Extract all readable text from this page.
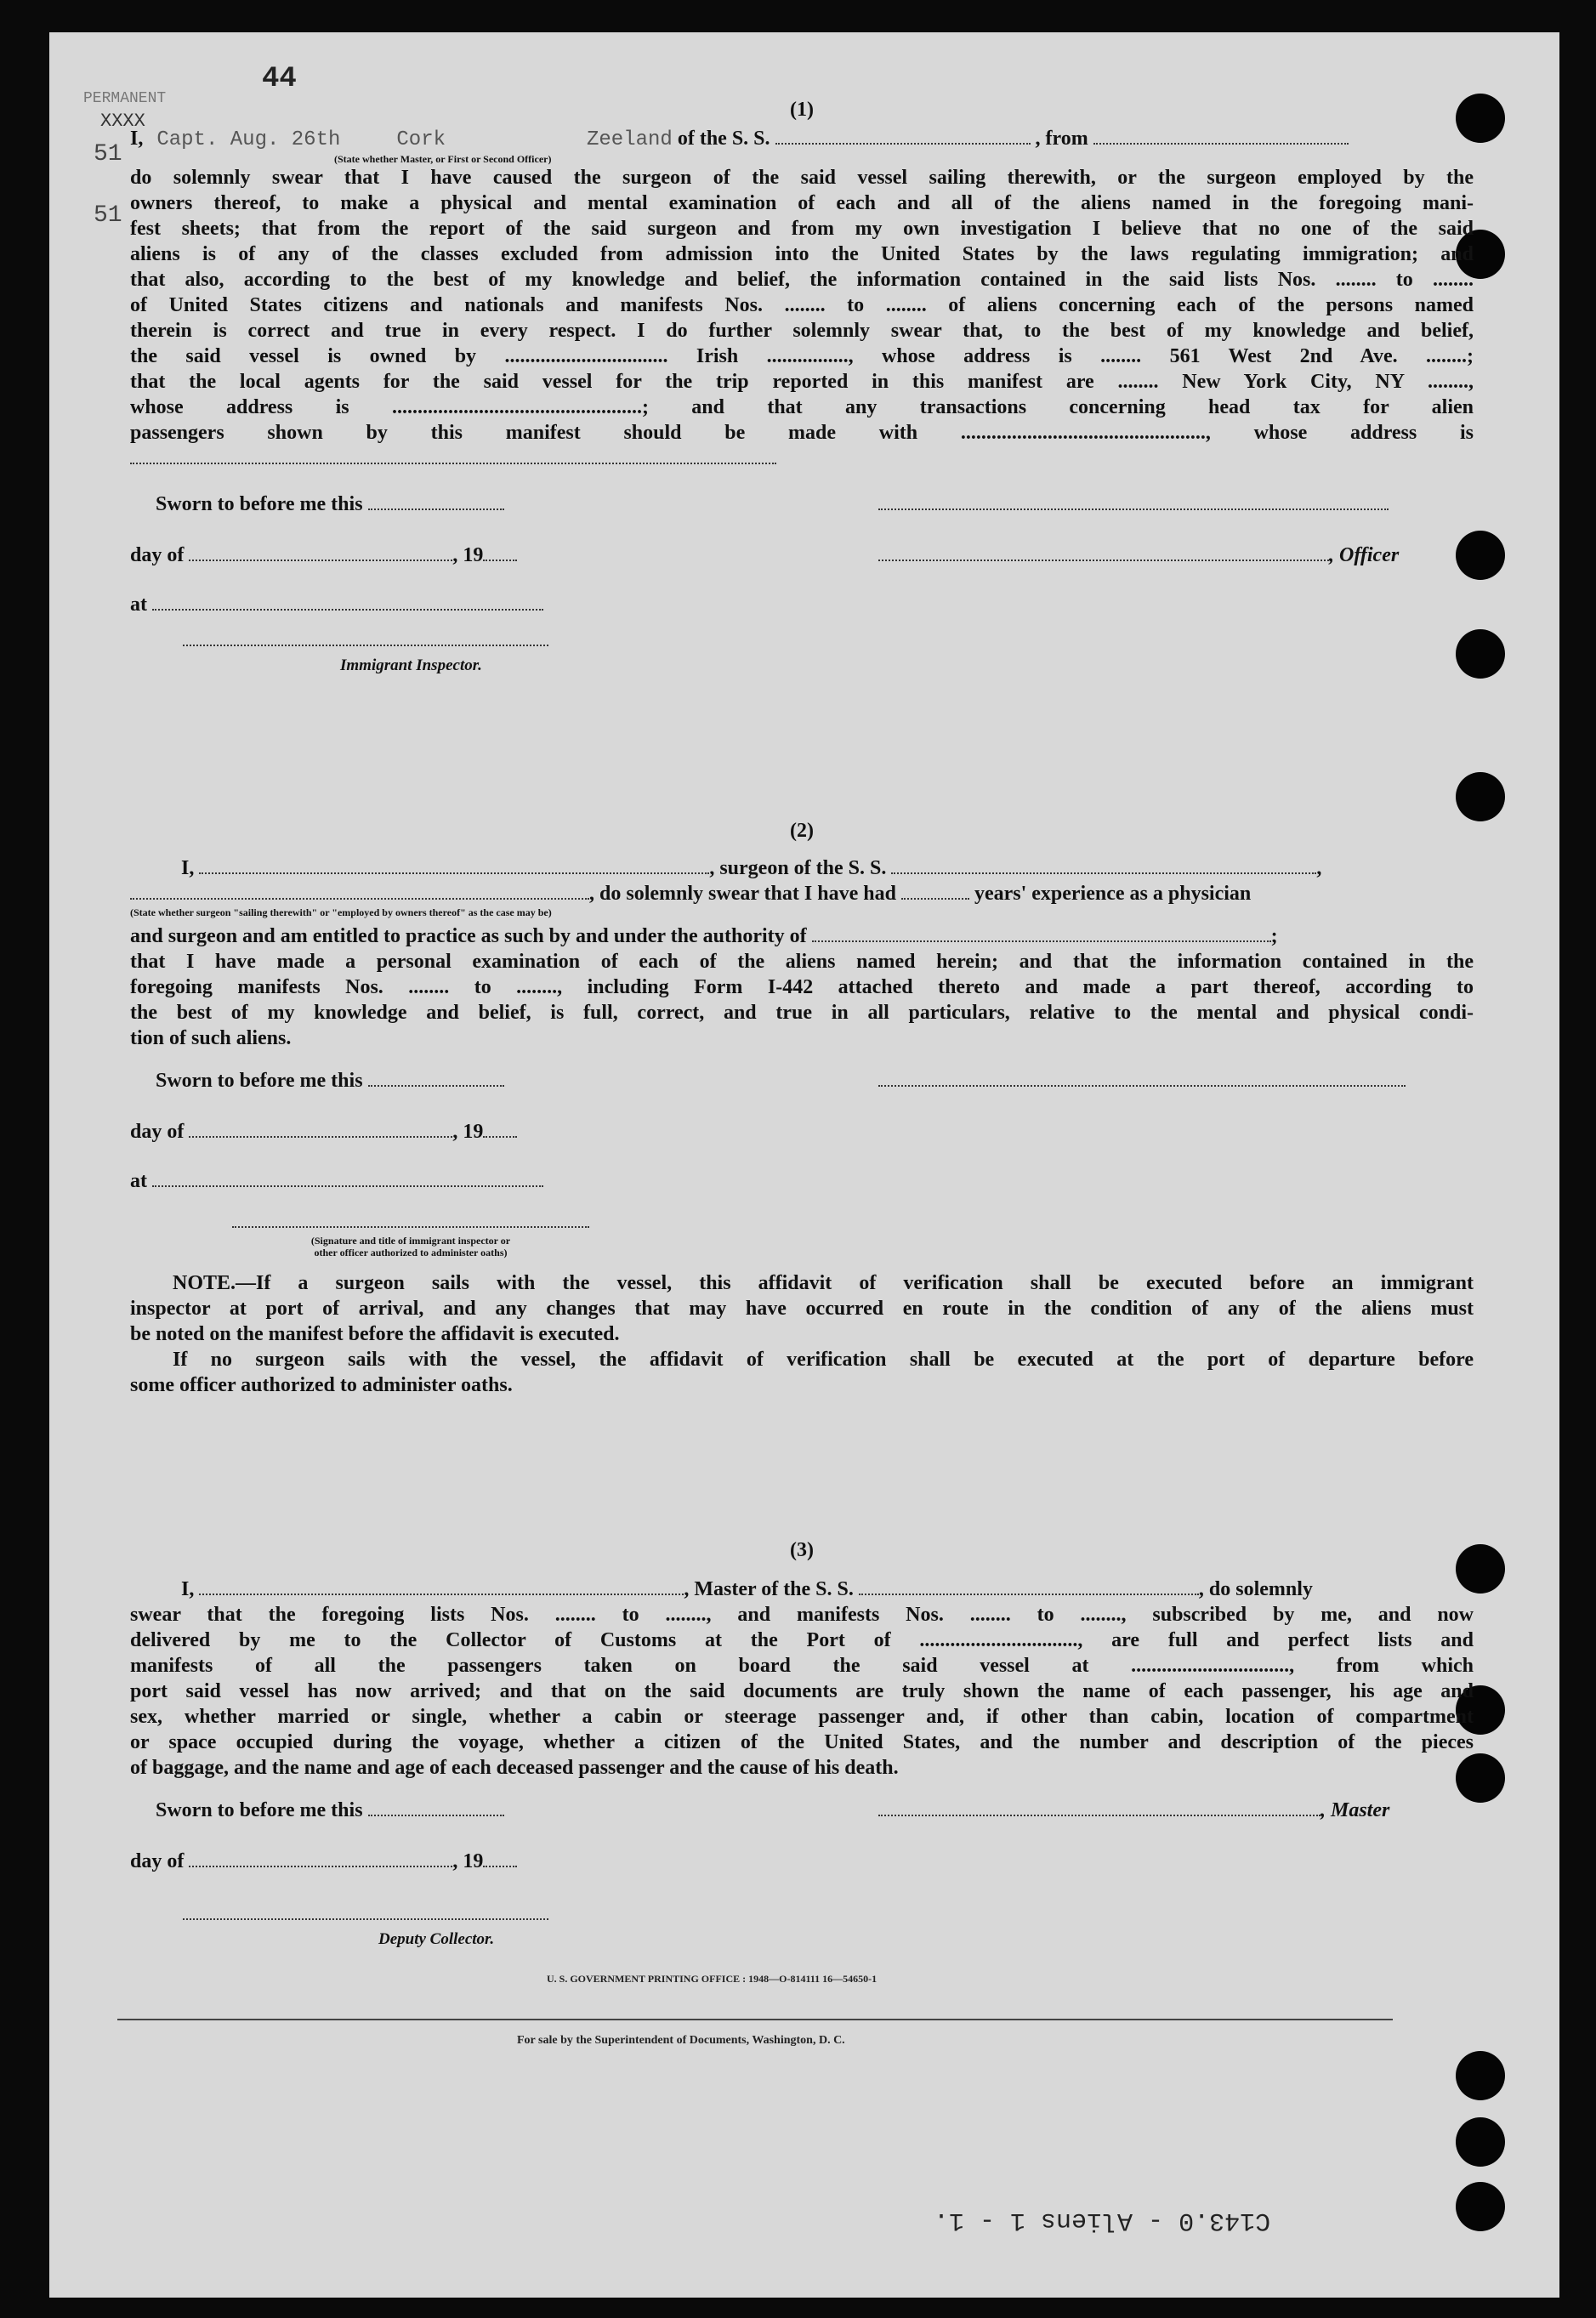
44
PERMANENT
XXXX
51
51
(1)

I, Capt. Aug. 26th	Cork	Zeeland of the S. S.	, from

(State whether Master, or First or Second Officer)

do solemnly swear that I have caused the surgeon of the said vessel sailing therewith, or the surgeon employed by the

owners thereof, to make a physical and mental examination of each and all of the aliens named in the foregoing mani-

fest sheets; that from the report of the said surgeon and from my own investigation I believe that no one of the said

aliens is of any of the classes excluded from admission into the United States by the laws regulating immigration; and

that also, according to the best of my knowledge and belief, the information contained in the said lists Nos. ........ to ........

of United States citizens and nationals and manifests Nos. ........ to ........ of aliens concerning each of the persons named

therein is correct and true in every respect. I do further solemnly swear that, to the best of my knowledge and belief,

the said vessel is owned by ................................ Irish ................, whose address is ........ 561 West 2nd Ave. ........;

that the local agents for the said vessel for the trip reported in this manifest are ........ New York City, NY ........,

whose address is .................................................; and that any transactions concerning head tax for alien

passengers shown by this manifest should be made with ................................................, whose address is

Sworn to before me this
day of	, 19
at
Immigrant Inspector.
, Officer
(2)

I,	, surgeon of the S. S.	,

, do solemnly swear that I have had	years' experience as a physician

(State whether surgeon "sailing therewith" or "employed by owners thereof" as the case may be)

and surgeon and am entitled to practice as such by and under the authority of	;

that I have made a personal examination of each of the aliens named herein; and that the information contained in the

foregoing manifests Nos. ........ to ........, including Form I-442 attached thereto and made a part thereof, according to

the best of my knowledge and belief, is full, correct, and true in all particulars, relative to the mental and physical condi-

tion of such aliens.

Sworn to before me this
day of	, 19
at
(Signature and title of immigrant inspector or
other officer authorized to administer oaths)

NOTE.—If a surgeon sails with the vessel, this affidavit of verification shall be executed before an immigrant

inspector at port of arrival, and any changes that may have occurred en route in the condition of any of the aliens must

be noted on the manifest before the affidavit is executed.

If no surgeon sails with the vessel, the affidavit of verification shall be executed at the port of departure before

some officer authorized to administer oaths.

(3)

I,	, Master of the S. S.	, do solemnly

swear that the foregoing lists Nos. ........ to ........, and manifests Nos. ........ to ........, subscribed by me, and now

delivered by me to the Collector of Customs at the Port of ..............................., are full and perfect lists and

manifests of all the passengers taken on board the said vessel at ..............................., from which

port said vessel has now arrived; and that on the said documents are truly shown the name of each passenger, his age and

sex, whether married or single, whether a cabin or steerage passenger and, if other than cabin, location of compartment

or space occupied during the voyage, whether a citizen of the United States, and the number and description of the pieces

of baggage, and the name and age of each deceased passenger and the cause of his death.

Sworn to before me this
day of	, 19
Deputy Collector.
, Master
U. S. GOVERNMENT PRINTING OFFICE : 1948—O-814111 16—54650-1
For sale by the Superintendent of Documents, Washington, D. C.
C143.0 - Aliens 1 - 1.
